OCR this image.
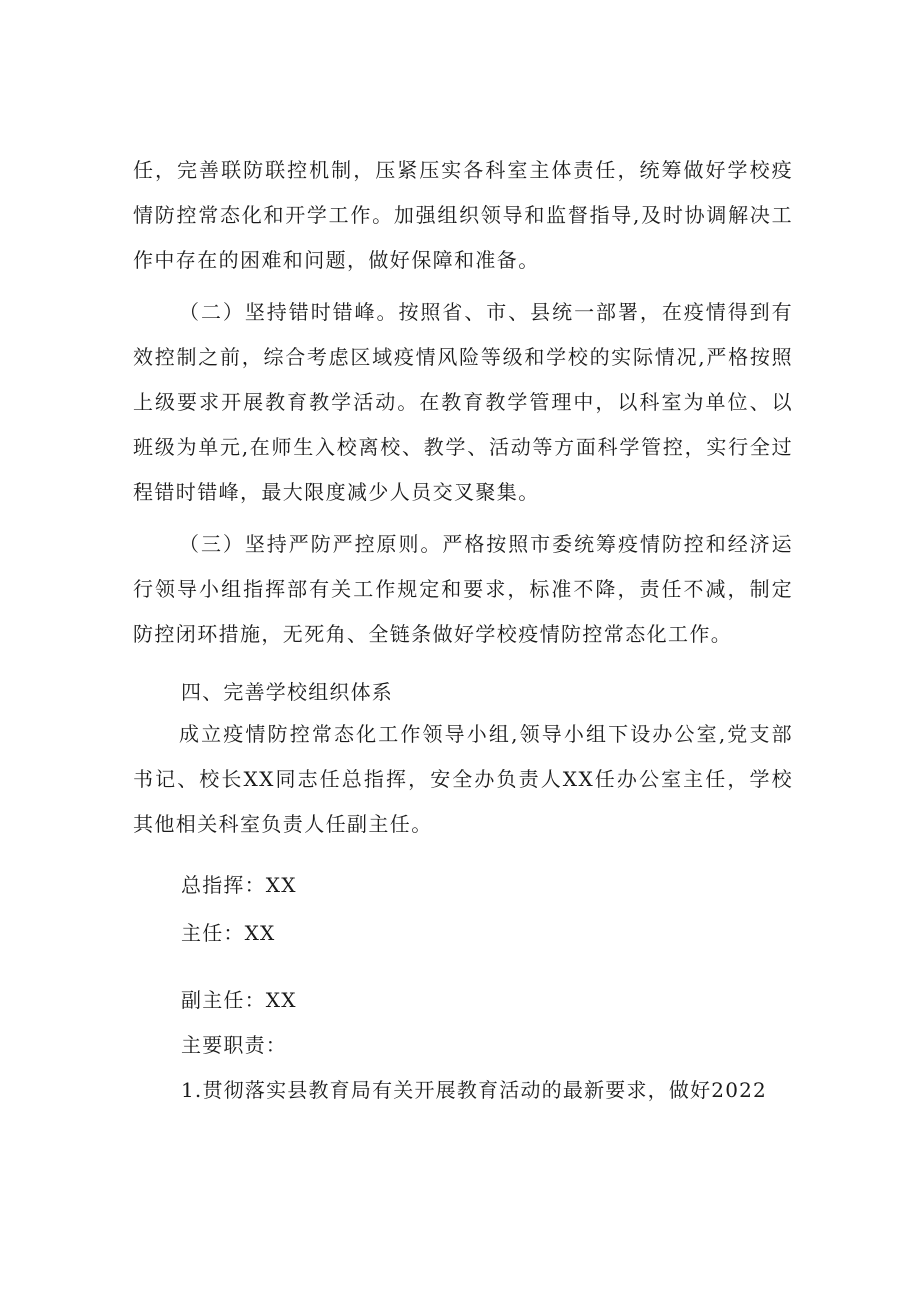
任，完善联防联控机制，压紧压实各科室主体责任，统筹做好学校疫情防控常态化和开学工作。加强组织领导和监督指导,及时协调解决工作中存在的困难和问题，做好保障和准备。
（二）坚持错时错峰。按照省、市、县统一部署，在疫情得到有效控制之前，综合考虑区域疫情风险等级和学校的实际情况,严格按照上级要求开展教育教学活动。在教育教学管理中，以科室为单位、以班级为单元,在师生入校离校、教学、活动等方面科学管控，实行全过程错时错峰，最大限度减少人员交叉聚集。
（三）坚持严防严控原则。严格按照市委统筹疫情防控和经济运行领导小组指挥部有关工作规定和要求，标准不降，责任不减，制定防控闭环措施，无死角、全链条做好学校疫情防控常态化工作。
四、完善学校组织体系
成立疫情防控常态化工作领导小组,领导小组下设办公室,党支部书记、校长XX同志任总指挥，安全办负责人XX任办公室主任，学校其他相关科室负责人任副主任。
总指挥：XX
主任：XX
副主任：XX
主要职责：
1.贯彻落实县教育局有关开展教育活动的最新要求，做好2022
